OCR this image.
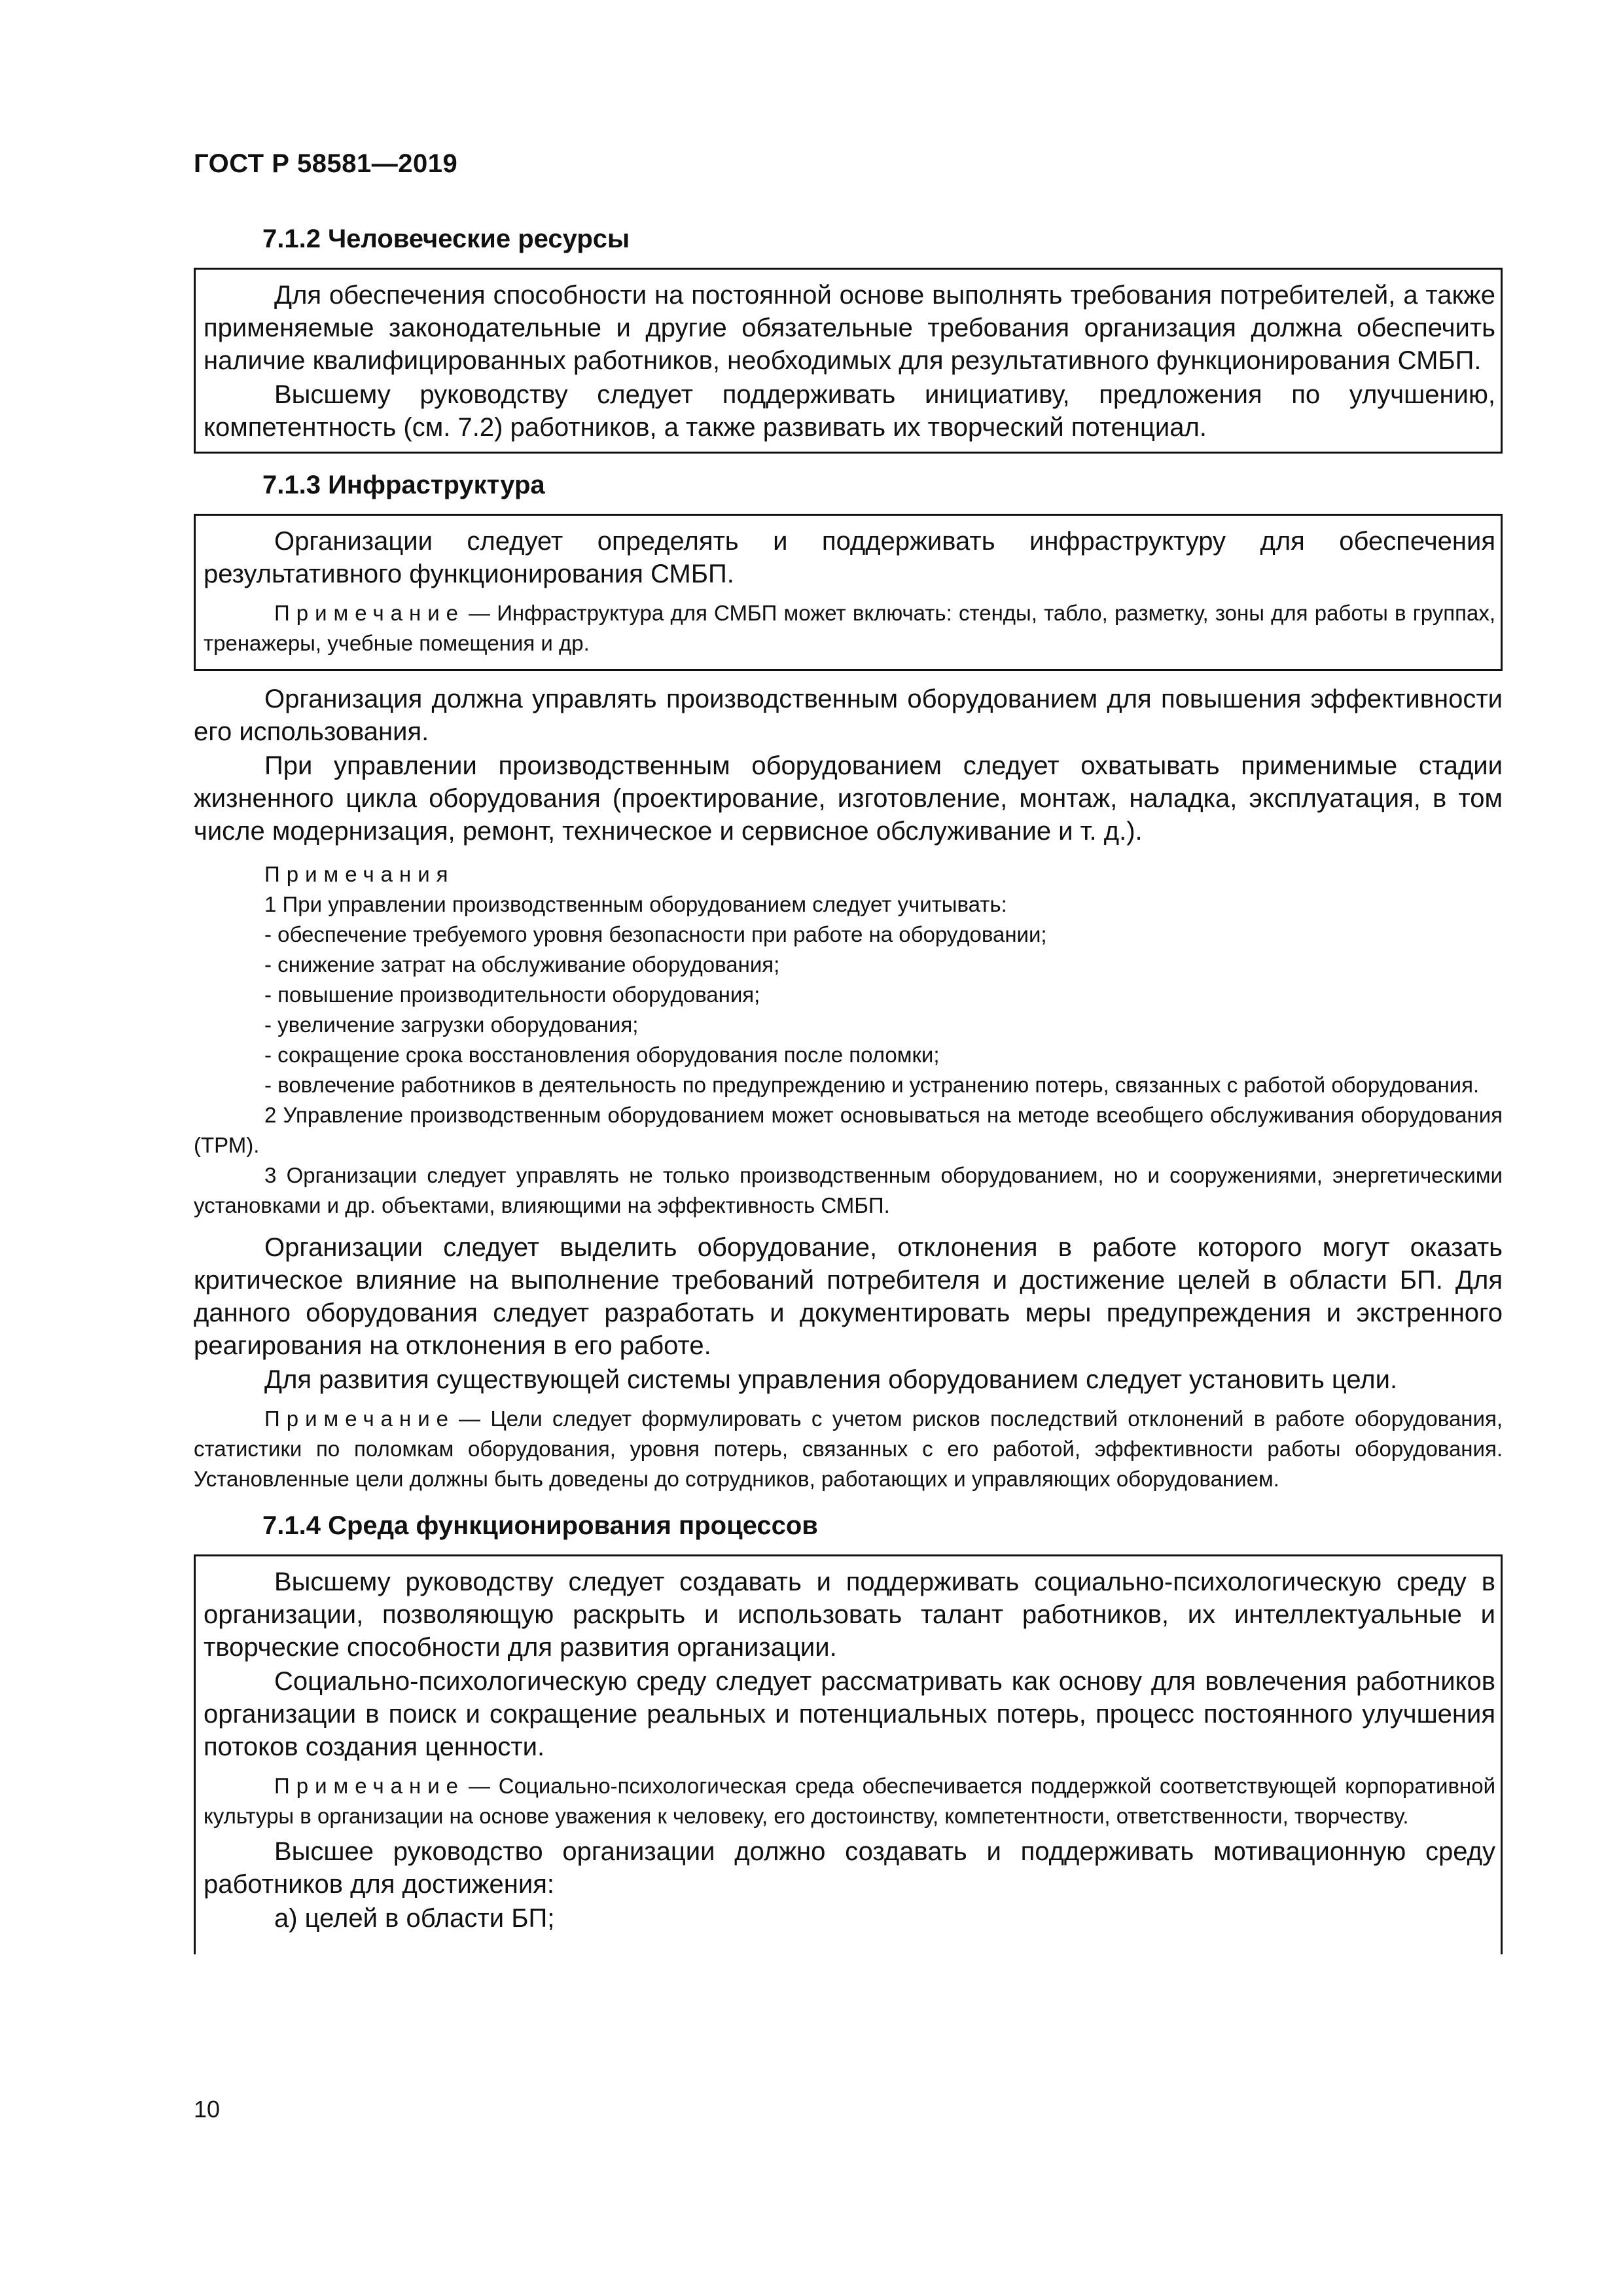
ГОСТ Р 58581—2019
7.1.2 Человеческие ресурсы

Для обеспечения способности на постоянной основе выполнять требования потребителей, а также применяемые законодательные и другие обязательные требования организация должна обеспечить наличие квалифицированных работников, необходимых для результативного функционирования СМБП.

Высшему руководству следует поддерживать инициативу, предложения по улучшению, компетентность (см. 7.2) работников, а также развивать их творческий потенциал.

7.1.3 Инфраструктура

Организации следует определять и поддерживать инфраструктуру для обеспечения результативного функционирования СМБП.

Примечание — Инфраструктура для СМБП может включать: стенды, табло, разметку, зоны для работы в группах, тренажеры, учебные помещения и др.

Организация должна управлять производственным оборудованием для повышения эффективности его использования.

При управлении производственным оборудованием следует охватывать применимые стадии жизненного цикла оборудования (проектирование, изготовление, монтаж, наладка, эксплуатация, в том числе модернизация, ремонт, техническое и сервисное обслуживание и т. д.).

Примечания

1 При управлении производственным оборудованием следует учитывать:

- обеспечение требуемого уровня безопасности при работе на оборудовании;

- снижение затрат на обслуживание оборудования;

- повышение производительности оборудования;

- увеличение загрузки оборудования;

- сокращение срока восстановления оборудования после поломки;

- вовлечение работников в деятельность по предупреждению и устранению потерь, связанных с работой оборудования.

2 Управление производственным оборудованием может основываться на методе всеобщего обслуживания оборудования (ТРМ).

3 Организации следует управлять не только производственным оборудованием, но и сооружениями, энергетическими установками и др. объектами, влияющими на эффективность СМБП.

Организации следует выделить оборудование, отклонения в работе которого могут оказать критическое влияние на выполнение требований потребителя и достижение целей в области БП. Для данного оборудования следует разработать и документировать меры предупреждения и экстренного реагирования на отклонения в его работе.

Для развития существующей системы управления оборудованием следует установить цели.

Примечание — Цели следует формулировать с учетом рисков последствий отклонений в работе оборудования, статистики по поломкам оборудования, уровня потерь, связанных с его работой, эффективности работы оборудования. Установленные цели должны быть доведены до сотрудников, работающих и управляющих оборудованием.

7.1.4 Среда функционирования процессов

Высшему руководству следует создавать и поддерживать социально-психологическую среду в организации, позволяющую раскрыть и использовать талант работников, их интеллектуальные и творческие способности для развития организации.

Социально-психологическую среду следует рассматривать как основу для вовлечения работников организации в поиск и сокращение реальных и потенциальных потерь, процесс постоянного улучшения потоков создания ценности.

Примечание — Социально-психологическая среда обеспечивается поддержкой соответствующей корпоративной культуры в организации на основе уважения к человеку, его достоинству, компетентности, ответственности, творчеству.

Высшее руководство организации должно создавать и поддерживать мотивационную среду работников для достижения:

а) целей в области БП;

10
